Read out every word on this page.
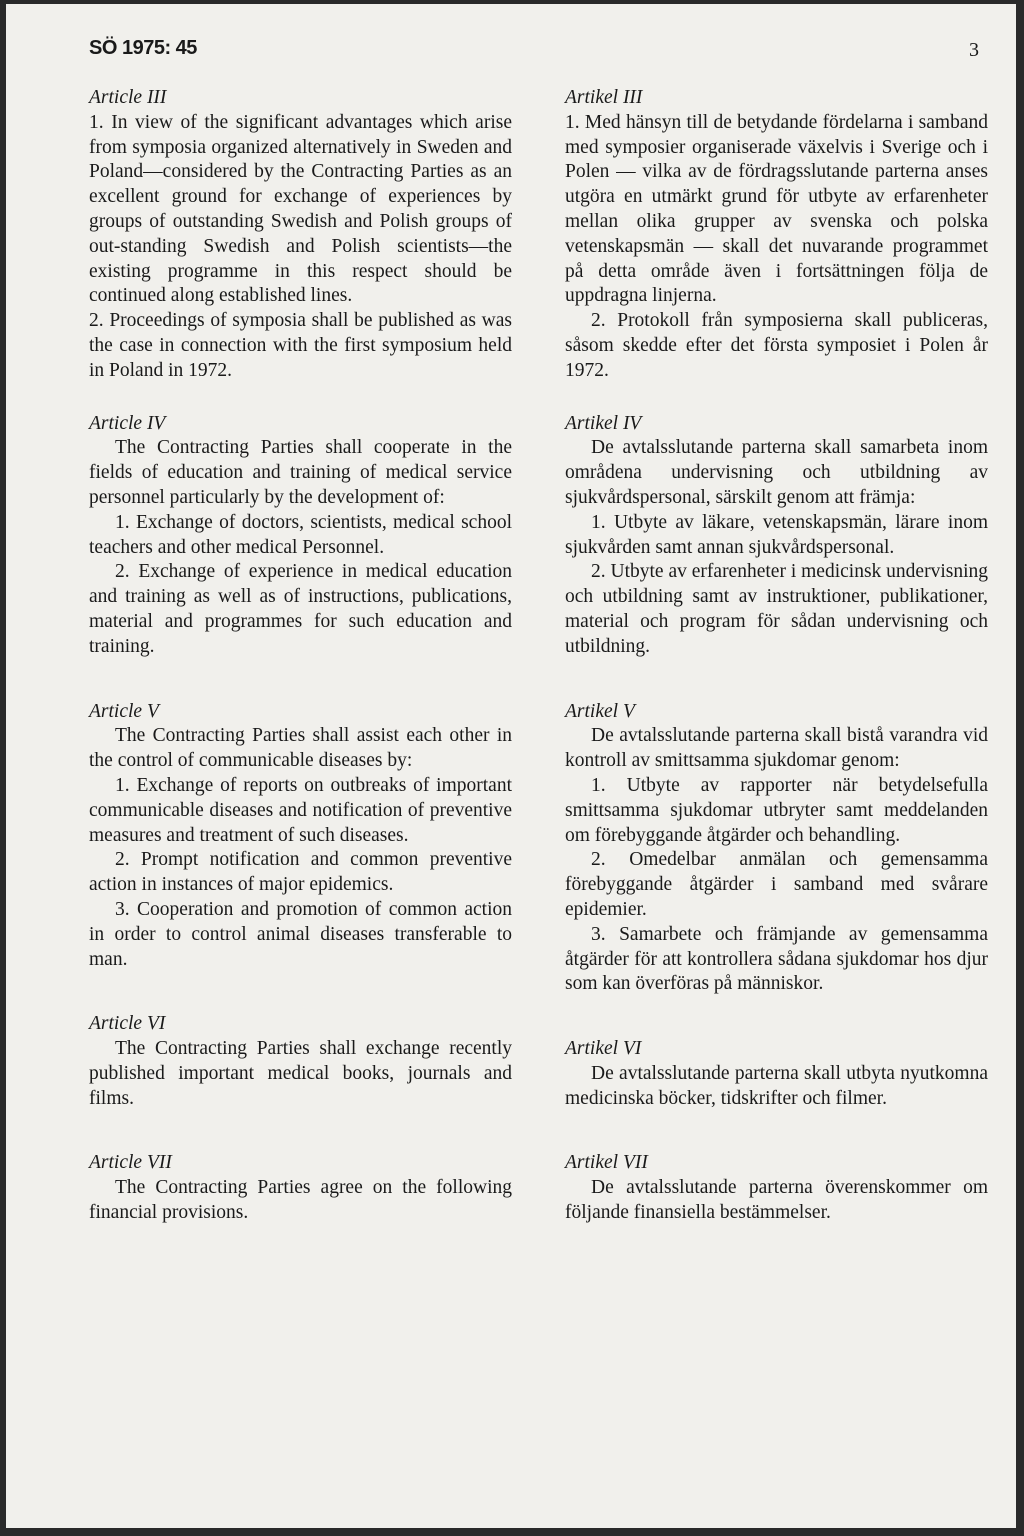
SÖ 1975: 45	3
Article III

1. In view of the significant advantages which arise from symposia organized alternatively in Sweden and Poland—considered by the Contracting Parties as an excellent ground for exchange of experiences by groups of outstanding Swedish and Polish groups of out-standing Swedish and Polish scientists—the existing programme in this respect should be continued along established lines.

2. Proceedings of symposia shall be published as was the case in connection with the first symposium held in Poland in 1972.

Article IV

The Contracting Parties shall cooperate in the fields of education and training of medical service personnel particularly by the development of:

1. Exchange of doctors, scientists, medical school teachers and other medical Personnel.

2. Exchange of experience in medical education and training as well as of instructions, publications, material and programmes for such education and training.

Article V

The Contracting Parties shall assist each other in the control of communicable diseases by:

1. Exchange of reports on outbreaks of important communicable diseases and notification of preventive measures and treatment of such diseases.

2. Prompt notification and common preventive action in instances of major epidemics.

3. Cooperation and promotion of common action in order to control animal diseases transferable to man.

Article VI

The Contracting Parties shall exchange recently published important medical books, journals and films.

Article VII

The Contracting Parties agree on the following financial provisions.

Artikel III

1. Med hänsyn till de betydande fördelarna i samband med symposier organiserade växelvis i Sverige och i Polen — vilka av de fördragsslutande parterna anses utgöra en utmärkt grund för utbyte av erfarenheter mellan olika grupper av svenska och polska vetenskapsmän — skall det nuvarande programmet på detta område även i fortsättningen följa de uppdragna linjerna.

2. Protokoll från symposierna skall publiceras, såsom skedde efter det första symposiet i Polen år 1972.

Artikel IV

De avtalsslutande parterna skall samarbeta inom områdena undervisning och utbildning av sjukvårdspersonal, särskilt genom att främja:

1. Utbyte av läkare, vetenskapsmän, lärare inom sjukvården samt annan sjukvårdspersonal.

2. Utbyte av erfarenheter i medicinsk undervisning och utbildning samt av instruktioner, publikationer, material och program för sådan undervisning och utbildning.

Artikel V

De avtalsslutande parterna skall bistå varandra vid kontroll av smittsamma sjukdomar genom:

1. Utbyte av rapporter när betydelsefulla smittsamma sjukdomar utbryter samt meddelanden om förebyggande åtgärder och behandling.

2. Omedelbar anmälan och gemensamma förebyggande åtgärder i samband med svårare epidemier.

3. Samarbete och främjande av gemensamma åtgärder för att kontrollera sådana sjukdomar hos djur som kan överföras på människor.

Artikel VI

De avtalsslutande parterna skall utbyta nyutkomna medicinska böcker, tidskrifter och filmer.

Artikel VII

De avtalsslutande parterna överenskommer om följande finansiella bestämmelser.
